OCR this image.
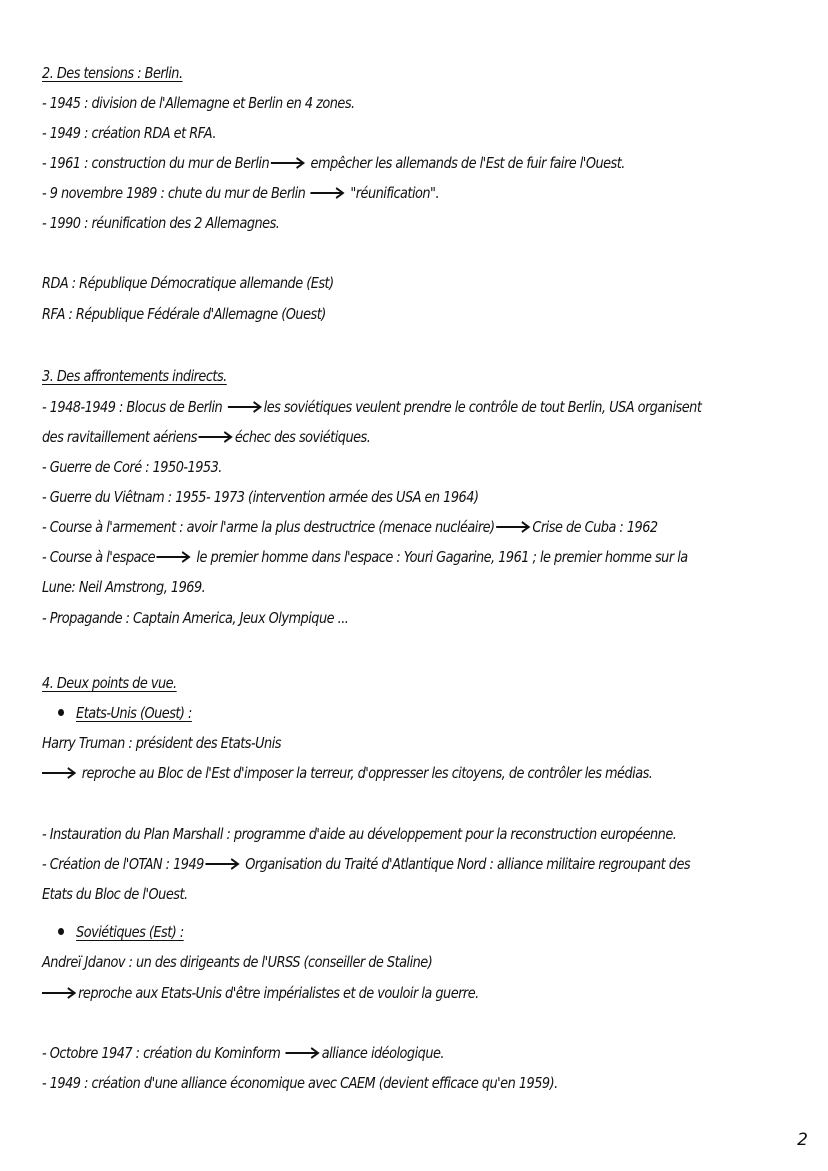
2. Des tensions : Berlin.
- 1945 : division de l'Allemagne et Berlin en 4 zones.
- 1949 : création RDA et RFA.
- 1961 : construction du mur de Berlin	empêcher les allemands de l'Est de fuir faire l'Ouest.
- 9 novembre 1989 : chute du mur de Berlin	"réunification".
- 1990 : réunification des 2 Allemagnes.
RDA : République Démocratique allemande (Est)
RFA : République Fédérale d'Allemagne (Ouest)
3. Des affrontements indirects.
- 1948-1949 : Blocus de Berlin	les soviétiques veulent prendre le contrôle de tout Berlin, USA organisent
des ravitaillement aériens	échec des soviétiques.
- Guerre de Coré : 1950-1953.
- Guerre du Viêtnam : 1955- 1973 (intervention armée des USA en 1964)
- Course à l'armement : avoir l'arme la plus destructrice (menace nucléaire)	Crise de Cuba : 1962
- Course à l'espace	le premier homme dans l'espace : Youri Gagarine, 1961 ; le premier homme sur la
Lune: Neil Amstrong, 1969.
- Propagande : Captain America, Jeux Olympique ...
4. Deux points de vue.
Etats-Unis (Ouest) :
Harry Truman : président des Etats-Unis
reproche au Bloc de l'Est d'imposer la terreur, d'oppresser les citoyens, de contrôler les médias.
- Instauration du Plan Marshall : programme d'aide au développement pour la reconstruction européenne.
- Création de l'OTAN : 1949	Organisation du Traité d'Atlantique Nord : alliance militaire regroupant des
Etats du Bloc de l'Ouest.
Soviétiques (Est) :
Andreï Jdanov : un des dirigeants de l'URSS (conseiller de Staline)
reproche aux Etats-Unis d'être impérialistes et de vouloir la guerre.
- Octobre 1947 : création du Kominform	alliance idéologique.
- 1949 : création d'une alliance économique avec CAEM (devient efficace qu'en 1959).
2
